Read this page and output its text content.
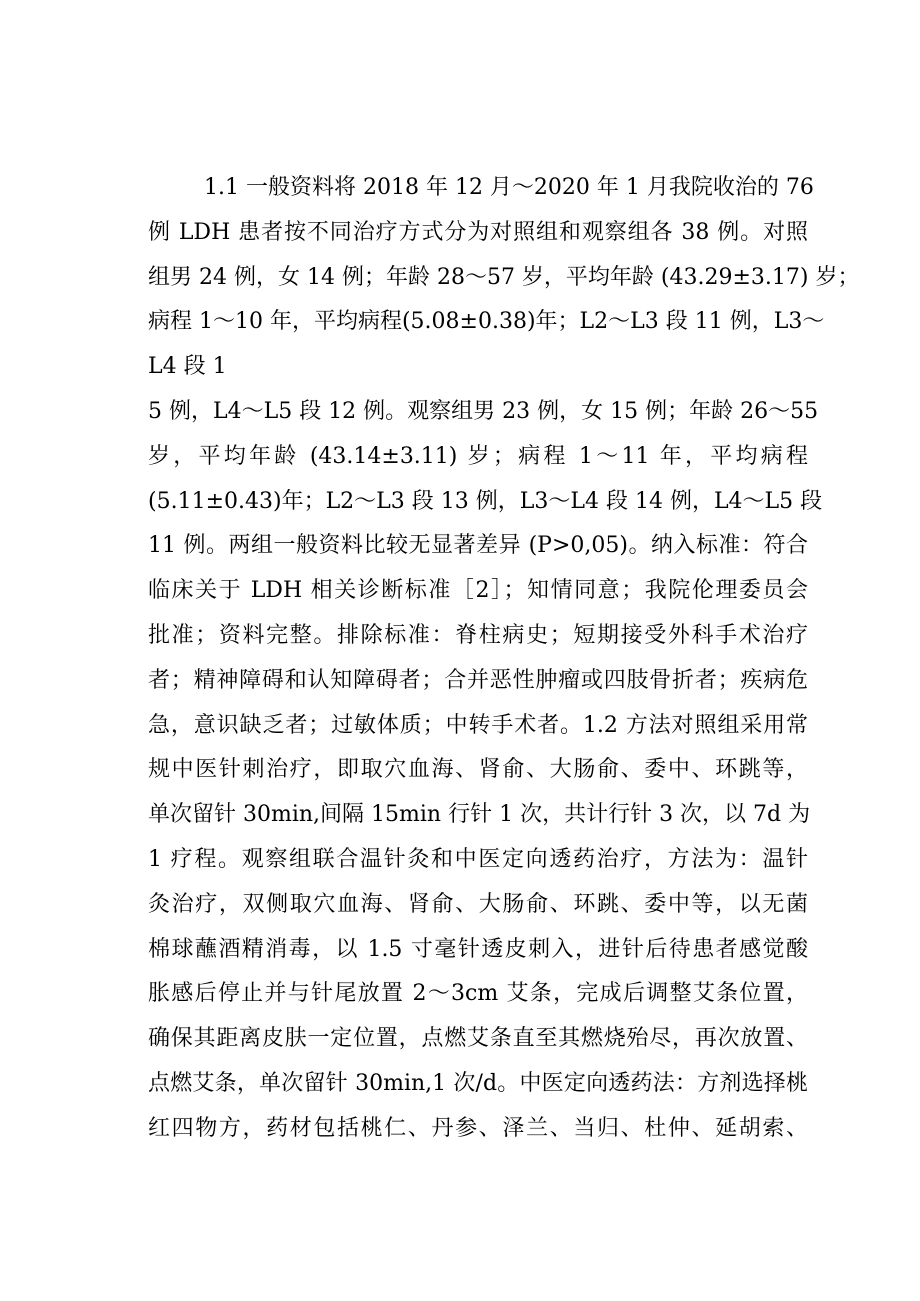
1.1 一般资料将 2018 年 12 月～2020 年 1 月我院收治的 76
例 LDH 患者按不同治疗方式分为对照组和观察组各 38 例。对照
组男 24 例，女 14 例；年龄 28～57 岁，平均年龄 (43.29±3.17) 岁；
病程 1～10 年，平均病程(5.08±0.38)年；L2～L3 段 11 例，L3～
L4 段 1
5 例，L4～L5 段 12 例。观察组男 23 例，女 15 例；年龄 26～55
岁，平均年龄 (43.14±3.11) 岁；病程 1～11 年，平均病程
(5.11±0.43)年；L2～L3 段 13 例，L3～L4 段 14 例，L4～L5 段
11 例。两组一般资料比较无显著差异 (P>0,05)。纳入标准：符合
临床关于 LDH 相关诊断标准［2］；知情同意；我院伦理委员会
批准；资料完整。排除标准：脊柱病史；短期接受外科手术治疗
者；精神障碍和认知障碍者；合并恶性肿瘤或四肢骨折者；疾病危
急，意识缺乏者；过敏体质；中转手术者。1.2 方法对照组采用常
规中医针刺治疗，即取穴血海、肾俞、大肠俞、委中、环跳等，
单次留针 30min,间隔 15min 行针 1 次，共计行针 3 次，以 7d 为
1 疗程。观察组联合温针灸和中医定向透药治疗，方法为：温针
灸治疗，双侧取穴血海、肾俞、大肠俞、环跳、委中等，以无菌
棉球蘸酒精消毒，以 1.5 寸毫针透皮刺入，进针后待患者感觉酸
胀感后停止并与针尾放置 2～3cm 艾条，完成后调整艾条位置，
确保其距离皮肤一定位置，点燃艾条直至其燃烧殆尽，再次放置、
点燃艾条，单次留针 30min,1 次/d。中医定向透药法：方剂选择桃
红四物方，药材包括桃仁、丹参、泽兰、当归、杜仲、延胡索、
